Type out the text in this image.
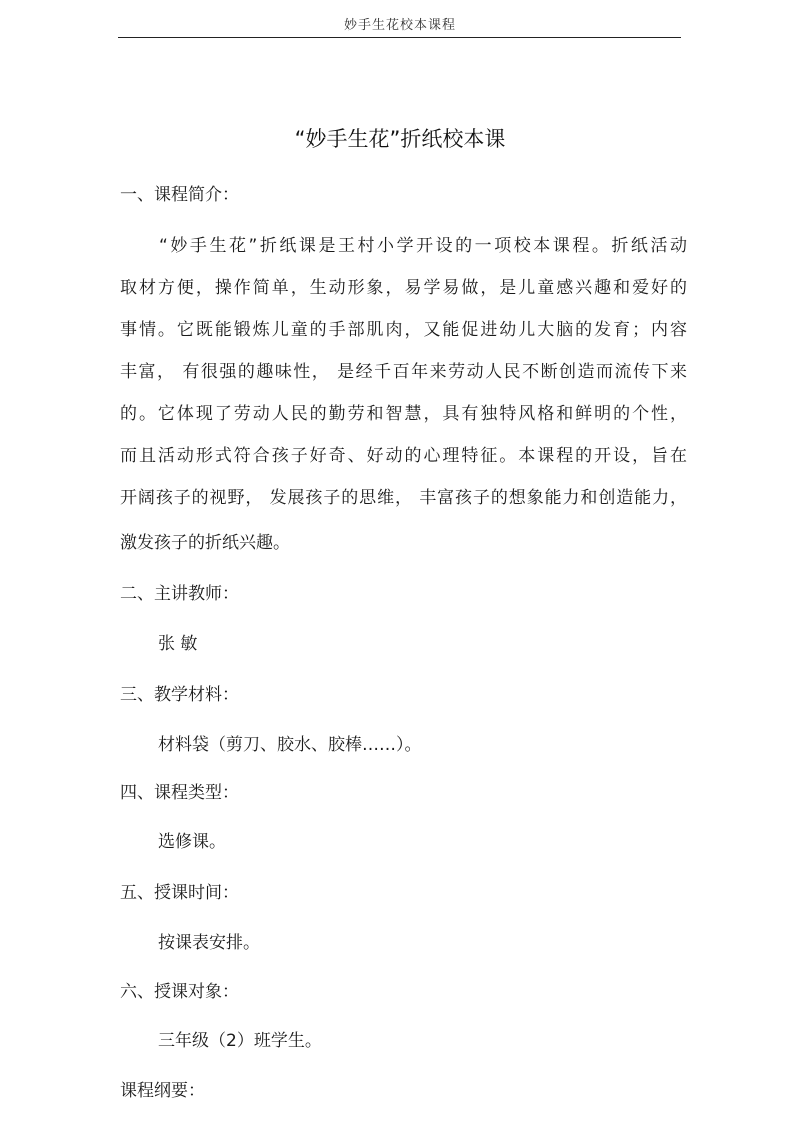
妙手生花校本课程
“妙手生花”折纸校本课
一、课程简介：
　　“妙手生花”折纸课是王村小学开设的一项校本课程。折纸活动
取材方便，操作简单，生动形象，易学易做，是儿童感兴趣和爱好的
事情。它既能锻炼儿童的手部肌肉，又能促进幼儿大脑的发育；内容
丰富， 有很强的趣味性， 是经千百年来劳动人民不断创造而流传下来
的。它体现了劳动人民的勤劳和智慧，具有独特风格和鲜明的个性，
而且活动形式符合孩子好奇、好动的心理特征。本课程的开设，旨在
开阔孩子的视野， 发展孩子的思维， 丰富孩子的想象能力和创造能力，
激发孩子的折纸兴趣。
二、主讲教师：
张 敏
三、教学材料：
材料袋（剪刀、胶水、胶棒……）。
四、课程类型：
选修课。
五、授课时间：
按课表安排。
六、授课对象：
三年级（2）班学生。
课程纲要：
